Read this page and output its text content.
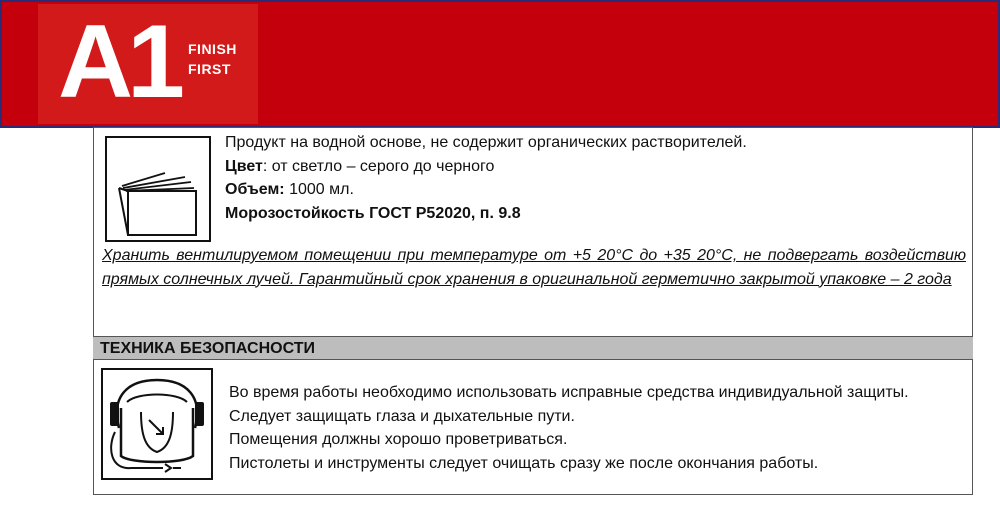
A1 FINISH
FIRST
Продукт на водной основе, не содержит органических растворителей.
Цвет: от светло – серого до черного
Объем: 1000 мл.
Морозостойкость ГОСТ Р52020, п. 9.8
Хранить вентилируемом помещении при температуре от +5 20°C до +35 20°C, не подвергать воздействию прямых солнечных лучей. Гарантийный срок хранения в оригинальной герметично закрытой упаковке – 2 года
ТЕХНИКА БЕЗОПАСНОСТИ
Во время работы необходимо использовать исправные средства индивидуальной защиты.
Следует защищать глаза и дыхательные пути.
Помещения должны хорошо проветриваться.
Пистолеты и инструменты следует очищать сразу же после окончания работы.
